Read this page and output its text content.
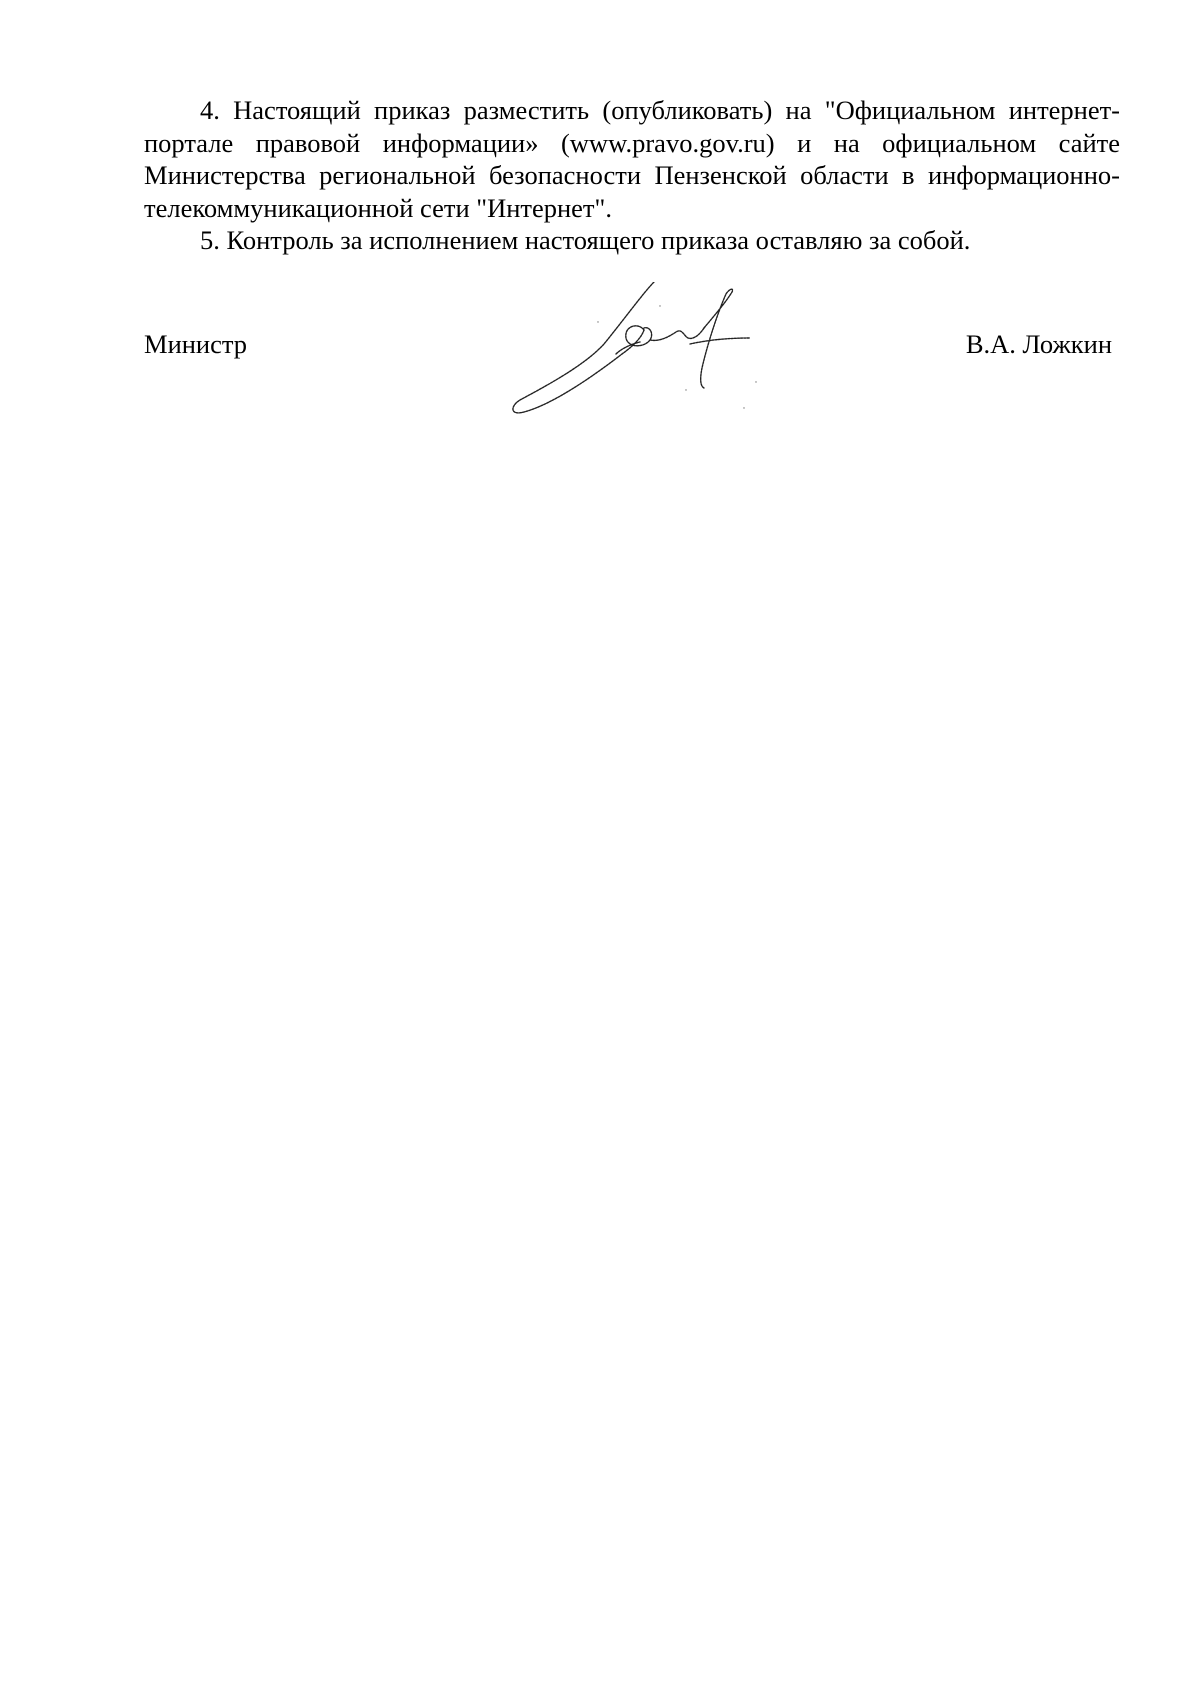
4. Настоящий приказ разместить (опубликовать) на "Официальном интернет-портале правовой информации» (www.pravo.gov.ru) и на официальном сайте Министерства региональной безопасности Пензенской области в информационно-телекоммуникационной сети "Интернет".

5. Контроль за исполнением настоящего приказа оставляю за собой.

Министр	В.А. Ложкин
